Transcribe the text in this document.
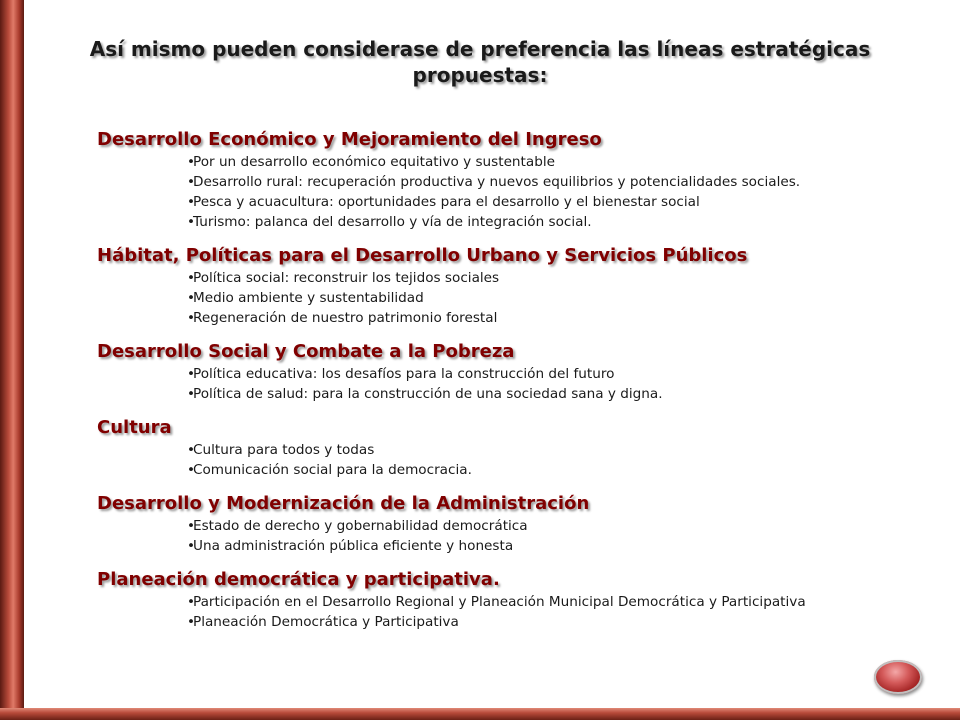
Así mismo pueden considerase de preferencia las líneas estratégicas propuestas:
Desarrollo Económico y Mejoramiento del Ingreso
•Por un desarrollo económico equitativo y sustentable
•Desarrollo rural: recuperación productiva y nuevos equilibrios y potencialidades sociales.
•Pesca y acuacultura: oportunidades para el desarrollo y el bienestar social
•Turismo: palanca del desarrollo y vía de integración social.
Hábitat, Políticas para el Desarrollo Urbano y Servicios Públicos
•Política social: reconstruir los tejidos sociales
•Medio ambiente y sustentabilidad
•Regeneración de nuestro patrimonio forestal
Desarrollo Social y Combate a la Pobreza
•Política educativa: los desafíos para la construcción del futuro
•Política de salud: para la construcción de una sociedad sana y digna.
Cultura
•Cultura para todos y todas
•Comunicación social para la democracia.
Desarrollo y Modernización de la Administración
•Estado de derecho y gobernabilidad democrática
•Una administración pública eficiente y honesta
Planeación democrática y participativa.
•Participación en el Desarrollo Regional y Planeación Municipal Democrática y Participativa
•Planeación Democrática y Participativa
